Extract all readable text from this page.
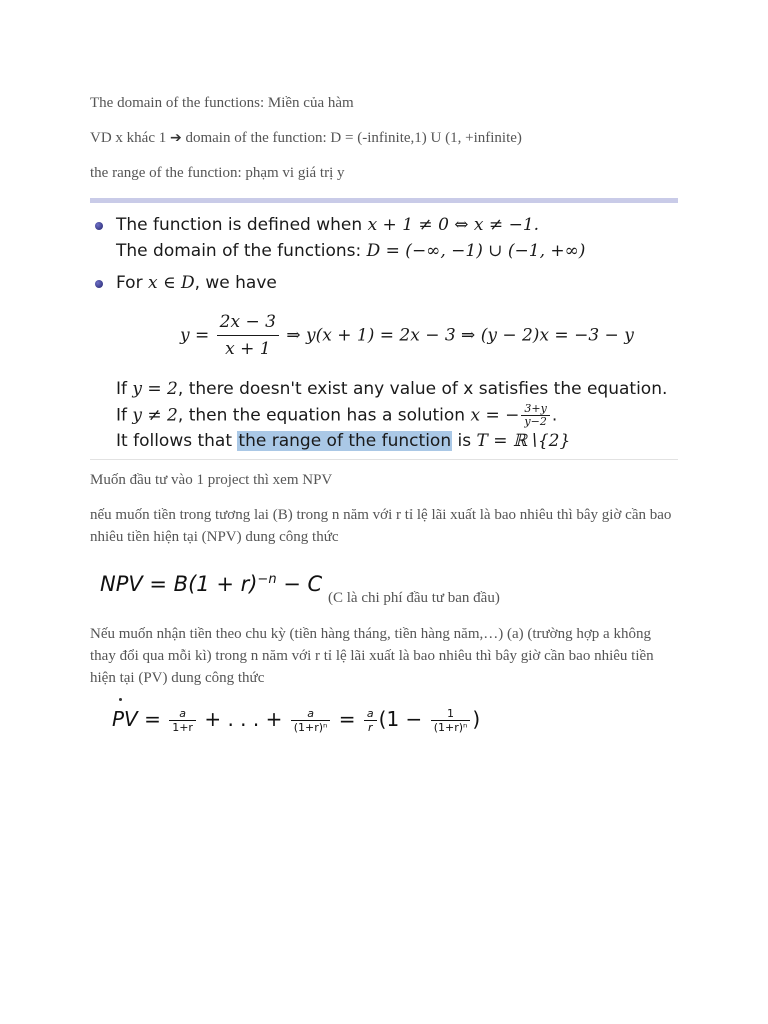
The domain of the functions: Miền của hàm
VD x khác 1 ➔ domain of the function: D = (-infinite,1) U (1, +infinite)
the range of the function: phạm vi giá trị y
The function is defined when x + 1 ≠ 0 ⇔ x ≠ −1.
The domain of the functions: D = (−∞, −1) ∪ (−1, +∞)
For x ∈ D, we have
$y = \frac{2x - 3}{x + 1}$ ⇒ y(x + 1) = 2x − 3 ⇒ (y − 2)x = −3 − y
If y = 2, there doesn't exist any value of x satisfies the equation.
If y ≠ 2, then the equation has a solution x = − $\frac{3+y}{y-2}$ .
It follows that the range of the function is T = ℝ∖{2}
Muốn đầu tư vào 1 project thì xem NPV
nếu muốn tiền trong tương lai (B) trong n năm với r tỉ lệ lãi xuất là bao nhiêu thì bây giờ cần bao nhiêu tiền hiện tại (NPV) dung công thức
NPV = $B(1 + r)^{-n} - C$
(C là chi phí đầu tư ban đầu)
Nếu muốn nhận tiền theo chu kỳ (tiền hàng tháng, tiền hàng năm,…) (a) (trường hợp a không thay đổi qua mỗi kì) trong n năm với r tỉ lệ lãi xuất là bao nhiêu thì bây giờ cần bao nhiêu tiền hiện tại (PV) dung công thức
PV = $\frac{a}{1+r}$ + . . . + $\frac{a}{\text{(1+r)ⁿ}} = \frac{a}{r} (1 - \frac{1}{\text{(1+r)ⁿ}}$ )
